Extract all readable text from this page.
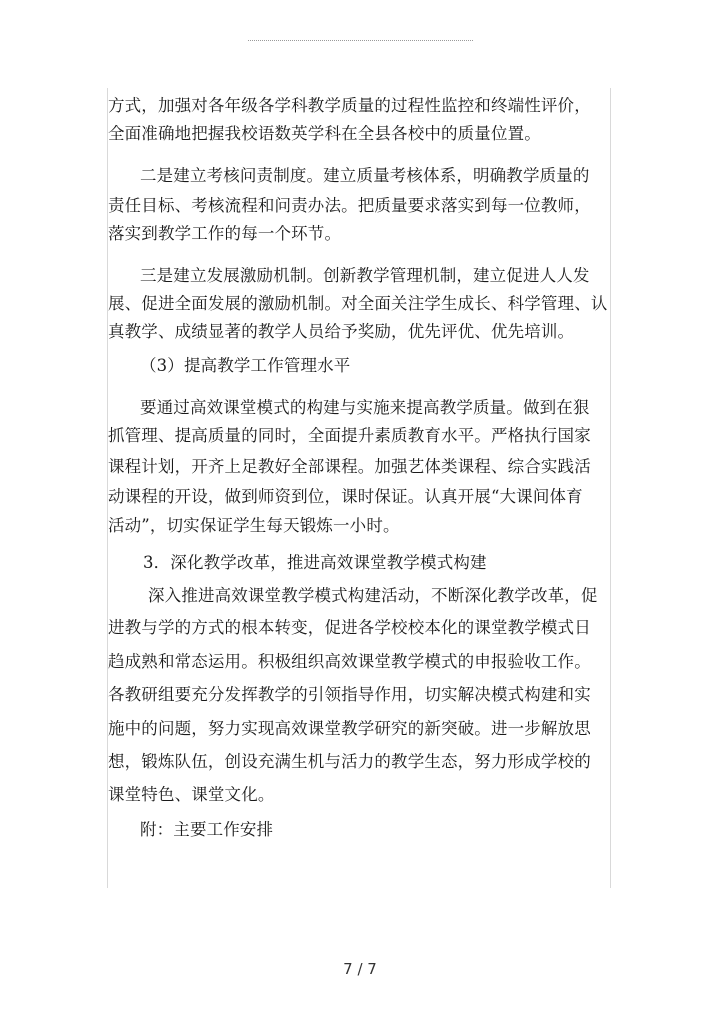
方式，加强对各年级各学科教学质量的过程性监控和终端性评价，
全面准确地把握我校语数英学科在全县各校中的质量位置。
二是建立考核问责制度。建立质量考核体系，明确教学质量的
责任目标、考核流程和问责办法。把质量要求落实到每一位教师，
落实到教学工作的每一个环节。
三是建立发展激励机制。创新教学管理机制，建立促进人人发
展、促进全面发展的激励机制。对全面关注学生成长、科学管理、认
真教学、成绩显著的教学人员给予奖励，优先评优、优先培训。
（3）提高教学工作管理水平
要通过高效课堂模式的构建与实施来提高教学质量。做到在狠
抓管理、提高质量的同时，全面提升素质教育水平。严格执行国家
课程计划，开齐上足教好全部课程。加强艺体类课程、综合实践活
动课程的开设，做到师资到位，课时保证。认真开展“大课间体育
活动”，切实保证学生每天锻炼一小时。
3．深化教学改革，推进高效课堂教学模式构建
深入推进高效课堂教学模式构建活动，不断深化教学改革，促
进教与学的方式的根本转变，促进各学校校本化的课堂教学模式日
趋成熟和常态运用。积极组织高效课堂教学模式的申报验收工作。
各教研组要充分发挥教学的引领指导作用，切实解决模式构建和实
施中的问题，努力实现高效课堂教学研究的新突破。进一步解放思
想，锻炼队伍，创设充满生机与活力的教学生态，努力形成学校的
课堂特色、课堂文化。
附：主要工作安排
7 / 7
